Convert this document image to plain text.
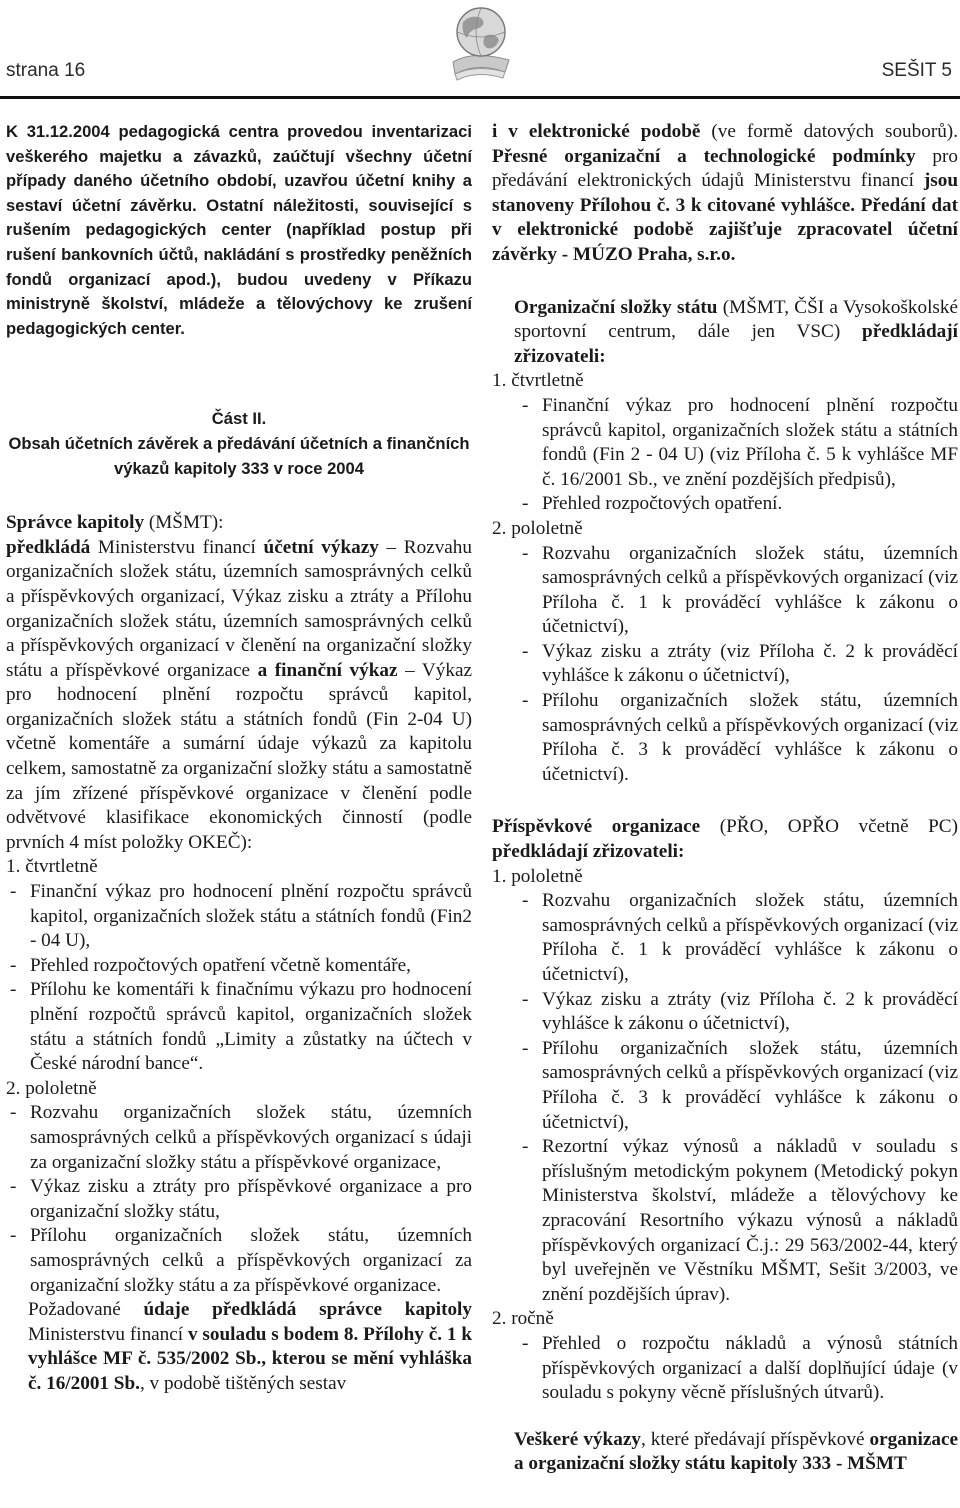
strana 16	SEŠIT 5

K 31.12.2004 pedagogická centra provedou inventarizaci veškerého majetku a závazků, zaúčtují všechny účetní případy daného účetního období, uzavřou účetní knihy a sestaví účetní závěrku. Ostatní náležitosti, související s rušením pedagogických center (například postup při rušení bankovních účtů, nakládání s prostředky peněžních fondů organizací apod.), budou uvedeny v Příkazu ministryně školství, mládeže a tělovýchovy ke zrušení pedagogických center.

Část II.

Obsah účetních závěrek a předávání účetních a finančních výkazů kapitoly 333 v roce 2004

Správce kapitoly (MŠMT):

předkládá Ministerstvu financí účetní výkazy – Rozvahu organizačních složek státu, územních samosprávných celků a příspěvkových organizací, Výkaz zisku a ztráty a Přílohu organizačních složek státu, územních samosprávných celků a příspěvkových organizací v členění na organizační složky státu a příspěvkové organizace a finanční výkaz – Výkaz pro hodnocení plnění rozpočtu správců kapitol, organizačních složek státu a státních fondů (Fin 2-04 U) včetně komentáře a sumární údaje výkazů za kapitolu celkem, samostatně za organizační složky státu a samostatně za jím zřízené příspěvkové organizace v členění podle odvětvové klasifikace ekonomických činností (podle prvních 4 míst položky OKEČ):

1. čtvrtletně

- Finanční výkaz pro hodnocení plnění rozpočtu správců kapitol, organizačních složek státu a státních fondů (Fin2 - 04 U),
- Přehled rozpočtových opatření včetně komentáře,
- Přílohu ke komentáři k finačnímu výkazu pro hodnocení plnění rozpočtů správců kapitol, organizačních složek státu a státních fondů „Limity a zůstatky na účtech v České národní bance“.

2. pololetně

- Rozvahu organizačních složek státu, územních samosprávných celků a příspěvkových organizací s údaji za organizační složky státu a příspěvkové organizace,
- Výkaz zisku a ztráty pro příspěvkové organizace a pro organizační složky státu,
- Přílohu organizačních složek státu, územních samosprávných celků a příspěvkových organizací za organizační složky státu a za příspěvkové organizace.

Požadované údaje předkládá správce kapitoly Ministerstvu financí v souladu s bodem 8. Přílohy č. 1 k vyhlášce MF č. 535/2002 Sb., kterou se mění vyhláška č. 16/2001 Sb., v podobě tištěných sestav

i v elektronické podobě (ve formě datových souborů). Přesné organizační a technologické podmínky pro předávání elektronických údajů Ministerstvu financí jsou stanoveny Přílohou č. 3 k citované vyhlášce. Předání dat v elektronické podobě zajišťuje zpracovatel účetní závěrky - MÚZO Praha, s.r.o.

Organizační složky státu (MŠMT, ČŠI a Vysokoškolské sportovní centrum, dále jen VSC) předkládají zřizovateli:

1. čtvrtletně

- Finanční výkaz pro hodnocení plnění rozpočtu správců kapitol, organizačních složek státu a státních fondů (Fin 2 - 04 U) (viz Příloha č. 5 k vyhlášce MF č. 16/2001 Sb., ve znění pozdějších předpisů),
- Přehled rozpočtových opatření.

2. pololetně

- Rozvahu organizačních složek státu, územních samosprávných celků a příspěvkových organizací (viz Příloha č. 1 k prováděcí vyhlášce k zákonu o účetnictví),
- Výkaz zisku a ztráty (viz Příloha č. 2 k prováděcí vyhlášce k zákonu o účetnictví),
- Přílohu organizačních složek státu, územních samosprávných celků a příspěvkových organizací (viz Příloha č. 3 k prováděcí vyhlášce k zákonu o účetnictví).

Příspěvkové organizace (PŘO, OPŘO včetně PC) předkládají zřizovateli:

1. pololetně

- Rozvahu organizačních složek státu, územních samosprávných celků a příspěvkových organizací (viz Příloha č. 1 k prováděcí vyhlášce k zákonu o účetnictví),
- Výkaz zisku a ztráty (viz Příloha č. 2 k prováděcí vyhlášce k zákonu o účetnictví),
- Přílohu organizačních složek státu, územních samosprávných celků a příspěvkových organizací (viz Příloha č. 3 k prováděcí vyhlášce k zákonu o účetnictví),
- Rezortní výkaz výnosů a nákladů v souladu s příslušným metodickým pokynem (Metodický pokyn Ministerstva školství, mládeže a tělovýchovy ke zpracování Resortního výkazu výnosů a nákladů příspěvkových organizací Č.j.: 29 563/2002-44, který byl uveřejněn ve Věstníku MŠMT, Sešit 3/2003, ve znění pozdějších úprav).

2. ročně

- Přehled o rozpočtu nákladů a výnosů státních příspěvkových organizací a další doplňující údaje (v souladu s pokyny věcně příslušných útvarů).

Veškeré výkazy, které předávají příspěvkové organizace a organizační složky státu kapitoly 333 - MŠMT
